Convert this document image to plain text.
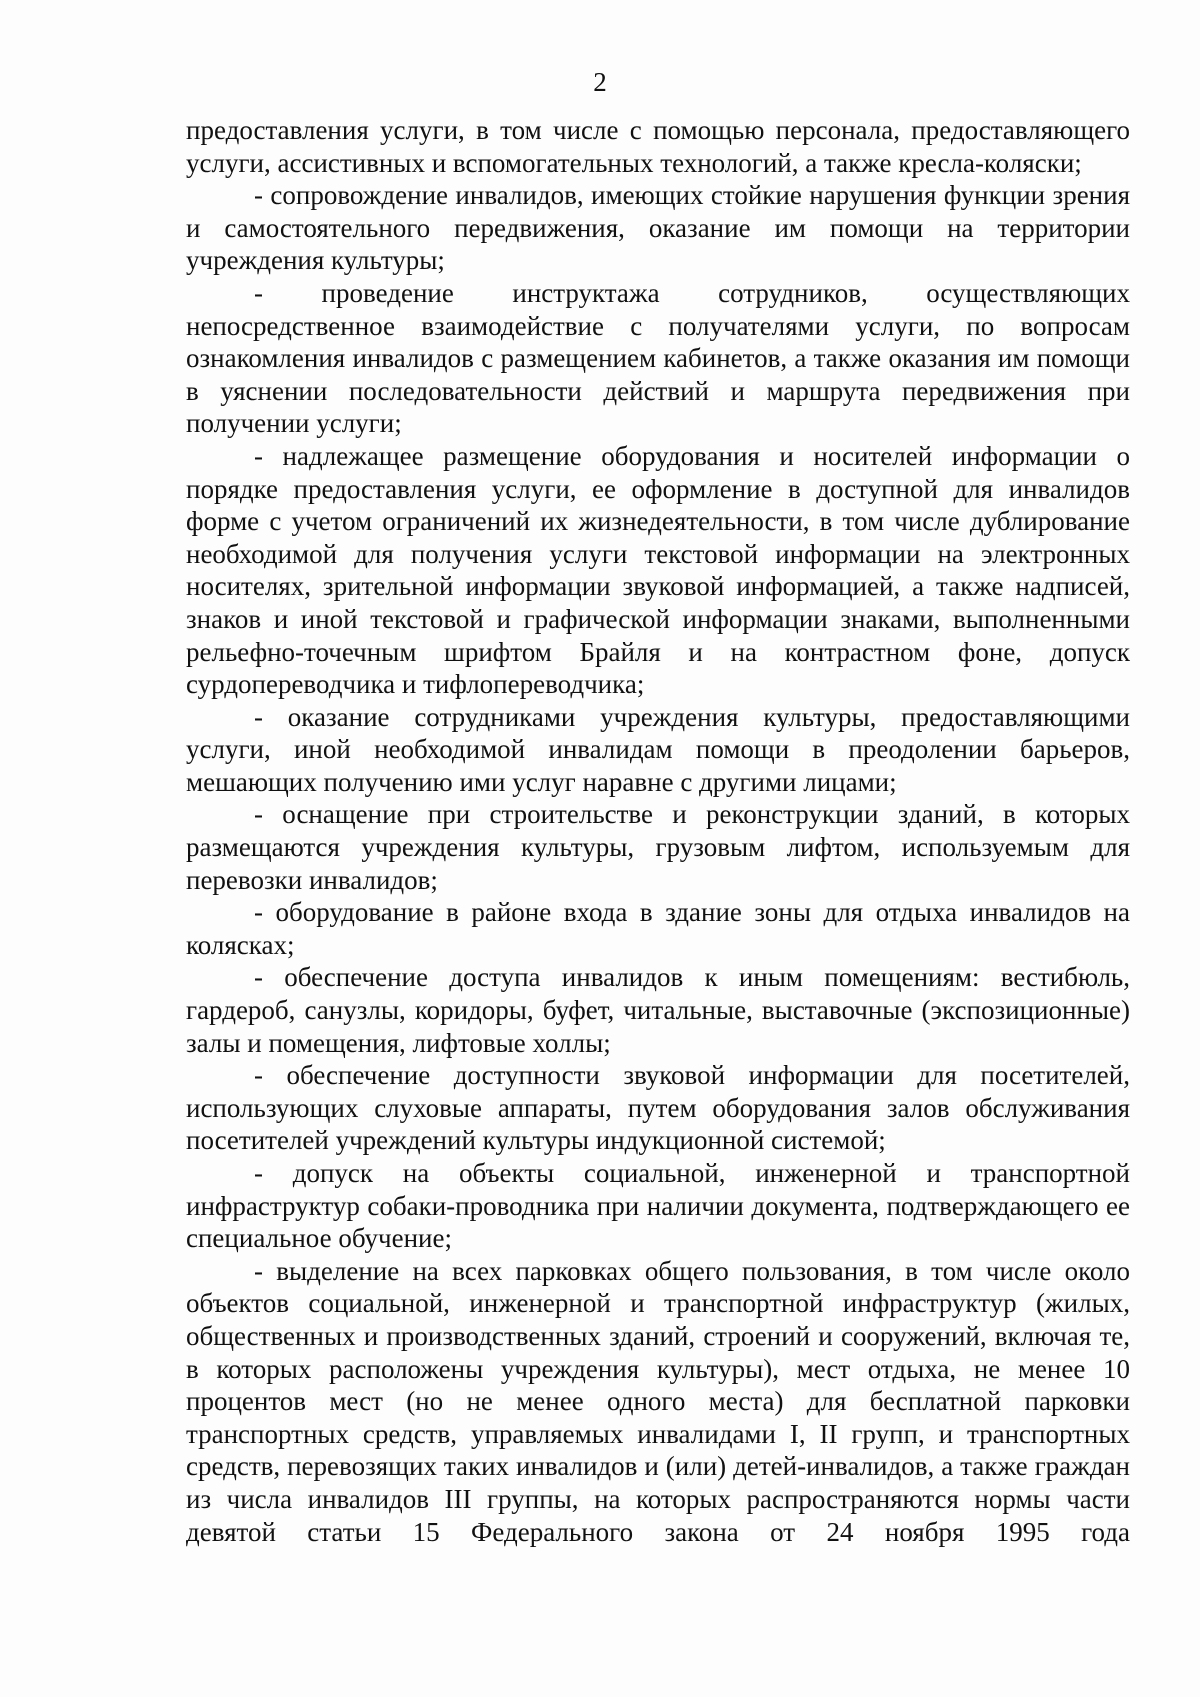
2

предоставления услуги, в том числе с помощью персонала, предоставляющего услуги, ассистивных и вспомогательных технологий, а также кресла-коляски;

- сопровождение инвалидов, имеющих стойкие нарушения функции зрения и самостоятельного передвижения, оказание им помощи на территории учреждения культуры;

- проведение инструктажа сотрудников, осуществляющих непосредственное взаимодействие с получателями услуги, по вопросам ознакомления инвалидов с размещением кабинетов, а также оказания им помощи в уяснении последовательности действий и маршрута передвижения при получении услуги;

- надлежащее размещение оборудования и носителей информации о порядке предоставления услуги, ее оформление в доступной для инвалидов форме с учетом ограничений их жизнедеятельности, в том числе дублирование необходимой для получения услуги текстовой информации на электронных носителях, зрительной информации звуковой информацией, а также надписей, знаков и иной текстовой и графической информации знаками, выполненными рельефно-точечным шрифтом Брайля и на контрастном фоне, допуск сурдопереводчика и тифлопереводчика;

- оказание сотрудниками учреждения культуры, предоставляющими услуги, иной необходимой инвалидам помощи в преодолении барьеров, мешающих получению ими услуг наравне с другими лицами;

- оснащение при строительстве и реконструкции зданий, в которых размещаются учреждения культуры, грузовым лифтом, используемым для перевозки инвалидов;

- оборудование в районе входа в здание зоны для отдыха инвалидов на колясках;

- обеспечение доступа инвалидов к иным помещениям: вестибюль, гардероб, санузлы, коридоры, буфет, читальные, выставочные (экспозиционные) залы и помещения, лифтовые холлы;

- обеспечение доступности звуковой информации для посетителей, использующих слуховые аппараты, путем оборудования залов обслуживания посетителей учреждений культуры индукционной системой;

- допуск на объекты социальной, инженерной и транспортной инфраструктур собаки-проводника при наличии документа, подтверждающего ее специальное обучение;

- выделение на всех парковках общего пользования, в том числе около объектов социальной, инженерной и транспортной инфраструктур (жилых, общественных и производственных зданий, строений и сооружений, включая те, в которых расположены учреждения культуры), мест отдыха, не менее 10 процентов мест (но не менее одного места) для бесплатной парковки транспортных средств, управляемых инвалидами I, II групп, и транспортных средств, перевозящих таких инвалидов и (или) детей-инвалидов, а также граждан из числа инвалидов III группы, на которых распространяются нормы части девятой статьи 15 Федерального закона от 24 ноября 1995 года
